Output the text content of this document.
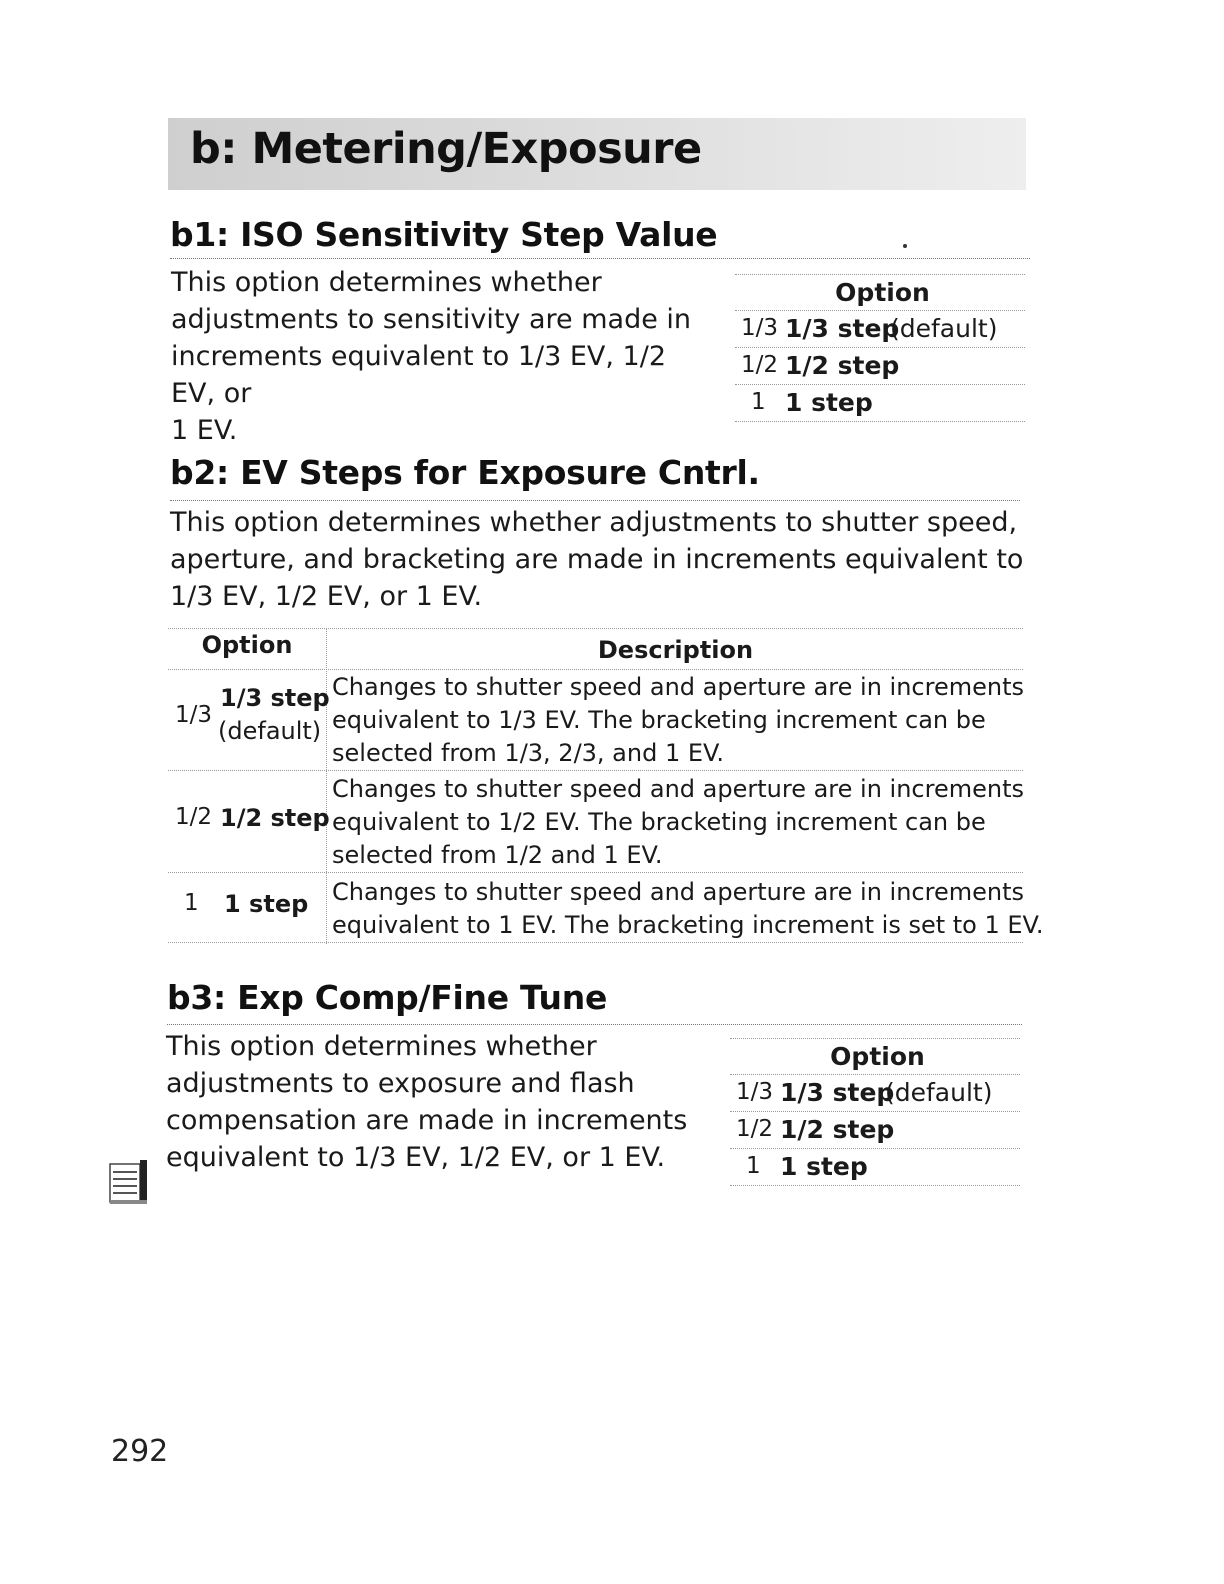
b: Metering/Exposure
b1: ISO Sensitivity Step Value
This option determines whether
adjustments to sensitivity are made in
increments equivalent to 1/3 EV, 1/2 EV, or
1 EV.
Option
1/3 1/3 step
(default)
1/2 1/2 step
1 1 step
b2: EV Steps for Exposure Cntrl.
This option determines whether adjustments to shutter speed,
aperture, and bracketing are made in increments equivalent to
1/3 EV, 1/2 EV, or 1 EV.
Option	Description
1/3
1/3 step
(default)
Changes to shutter speed and aperture are in increments
equivalent to 1/3 EV. The bracketing increment can be
selected from 1/3, 2/3, and 1 EV.
1/2 1/2 step
Changes to shutter speed and aperture are in increments
equivalent to 1/2 EV. The bracketing increment can be
selected from 1/2 and 1 EV.
1 1 step Changes to shutter speed and aperture are in increments
equivalent to 1 EV. The bracketing increment is set to 1 EV.
b3: Exp Comp/Fine Tune
This option determines whether
adjustments to exposure and flash
compensation are made in increments
equivalent to 1/3 EV, 1/2 EV, or 1 EV.
Option
1/3 1/3 step
(default)
1/2 1/2 step
1 1 step
292
